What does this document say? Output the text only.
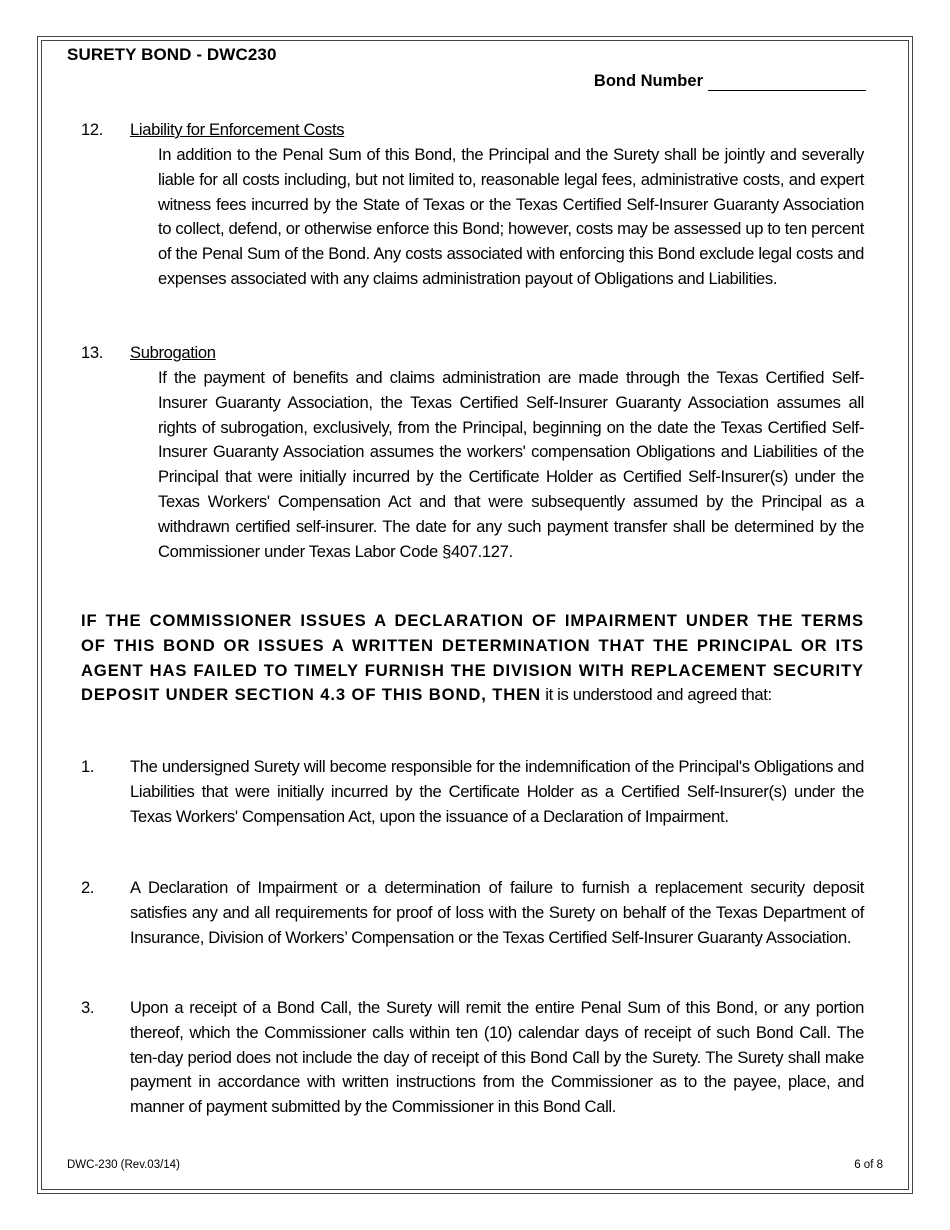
SURETY BOND - DWC230
Bond Number
12. Liability for Enforcement Costs
In addition to the Penal Sum of this Bond, the Principal and the Surety shall be jointly and severally liable for all costs including, but not limited to, reasonable legal fees, administrative costs, and expert witness fees incurred by the State of Texas or the Texas Certified Self-Insurer Guaranty Association to collect, defend, or otherwise enforce this Bond; however, costs may be assessed up to ten percent of the Penal Sum of the Bond. Any costs associated with enforcing this Bond exclude legal costs and expenses associated with any claims administration payout of Obligations and Liabilities.
13. Subrogation
If the payment of benefits and claims administration are made through the Texas Certified Self-Insurer Guaranty Association, the Texas Certified Self-Insurer Guaranty Association assumes all rights of subrogation, exclusively, from the Principal, beginning on the date the Texas Certified Self-Insurer Guaranty Association assumes the workers' compensation Obligations and Liabilities of the Principal that were initially incurred by the Certificate Holder as Certified Self-Insurer(s) under the Texas Workers' Compensation Act and that were subsequently assumed by the Principal as a withdrawn certified self-insurer. The date for any such payment transfer shall be determined by the Commissioner under Texas Labor Code §407.127.
IF THE COMMISSIONER ISSUES A DECLARATION OF IMPAIRMENT UNDER THE TERMS OF THIS BOND OR ISSUES A WRITTEN DETERMINATION THAT THE PRINCIPAL OR ITS AGENT HAS FAILED TO TIMELY FURNISH THE DIVISION WITH REPLACEMENT SECURITY DEPOSIT UNDER SECTION 4.3 OF THIS BOND, THEN it is understood and agreed that:
1. The undersigned Surety will become responsible for the indemnification of the Principal's Obligations and Liabilities that were initially incurred by the Certificate Holder as a Certified Self-Insurer(s) under the Texas Workers' Compensation Act, upon the issuance of a Declaration of Impairment.
2. A Declaration of Impairment or a determination of failure to furnish a replacement security deposit satisfies any and all requirements for proof of loss with the Surety on behalf of the Texas Department of Insurance, Division of Workers’ Compensation or the Texas Certified Self-Insurer Guaranty Association.
3. Upon a receipt of a Bond Call, the Surety will remit the entire Penal Sum of this Bond, or any portion thereof, which the Commissioner calls within ten (10) calendar days of receipt of such Bond Call. The ten-day period does not include the day of receipt of this Bond Call by the Surety. The Surety shall make payment in accordance with written instructions from the Commissioner as to the payee, place, and manner of payment submitted by the Commissioner in this Bond Call.
DWC-230 (Rev.03/14)	6 of 8
